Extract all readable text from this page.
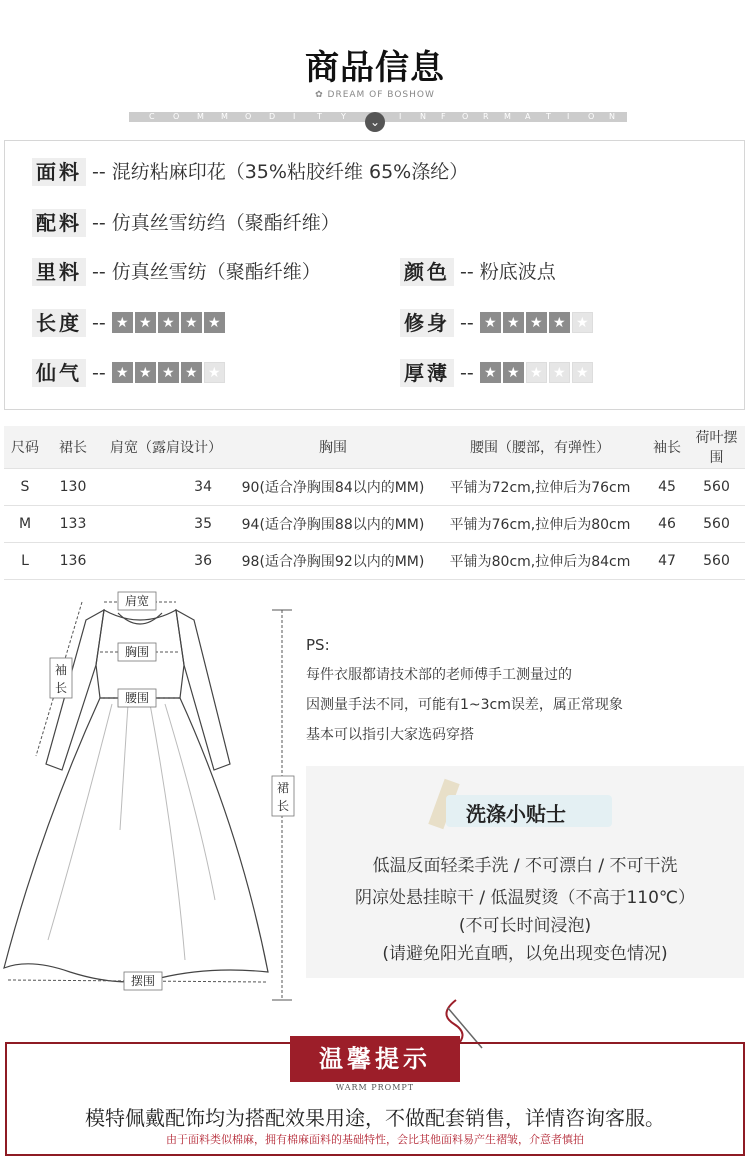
商品信息
✿ DREAM OF BOSHOW
C O M M O D I	T Y	I N F O R M A T I O N
⌄
面料 -- 混纺粘麻印花（35%粘胶纤维 65%涤纶）
配料 -- 仿真丝雪纺绉（聚酯纤维）
里料 -- 仿真丝雪纺（聚酯纤维）	颜色 -- 粉底波点
长度 -- ★ ★ ★ ★ ★	修身 -- ★ ★ ★ ★ ★
仙气 -- ★ ★ ★ ★ ★	厚薄 -- ★ ★ ★ ★ ★
尺码	裙长	肩宽（露肩设计）	胸围	腰围（腰部，有弹性）	袖长	荷叶摆围
S	130	34	90(适合净胸围84以内的MM)	平铺为72cm,拉伸后为76cm	45	560
M	133	35	94(适合净胸围88以内的MM)	平铺为76cm,拉伸后为80cm	46	560
L	136	36	98(适合净胸围92以内的MM)	平铺为80cm,拉伸后为84cm	47	560
肩宽
胸围
腰围
袖
长
裙
长
摆围
PS:
每件衣服都请技术部的老师傅手工测量过的
因测量手法不同，可能有1~3cm误差，属正常现象
基本可以指引大家选码穿搭
洗涤小贴士
低温反面轻柔手洗 / 不可漂白 / 不可干洗
阴凉处悬挂晾干 / 低温熨烫（不高于110℃）
(不可长时间浸泡)
(请避免阳光直晒，以免出现变色情况)
温馨提示
WARM PROMPT
模特佩戴配饰均为搭配效果用途，不做配套销售，详情咨询客服。
由于面料类似棉麻，拥有棉麻面料的基础特性，会比其他面料易产生褶皱，介意者慎拍
